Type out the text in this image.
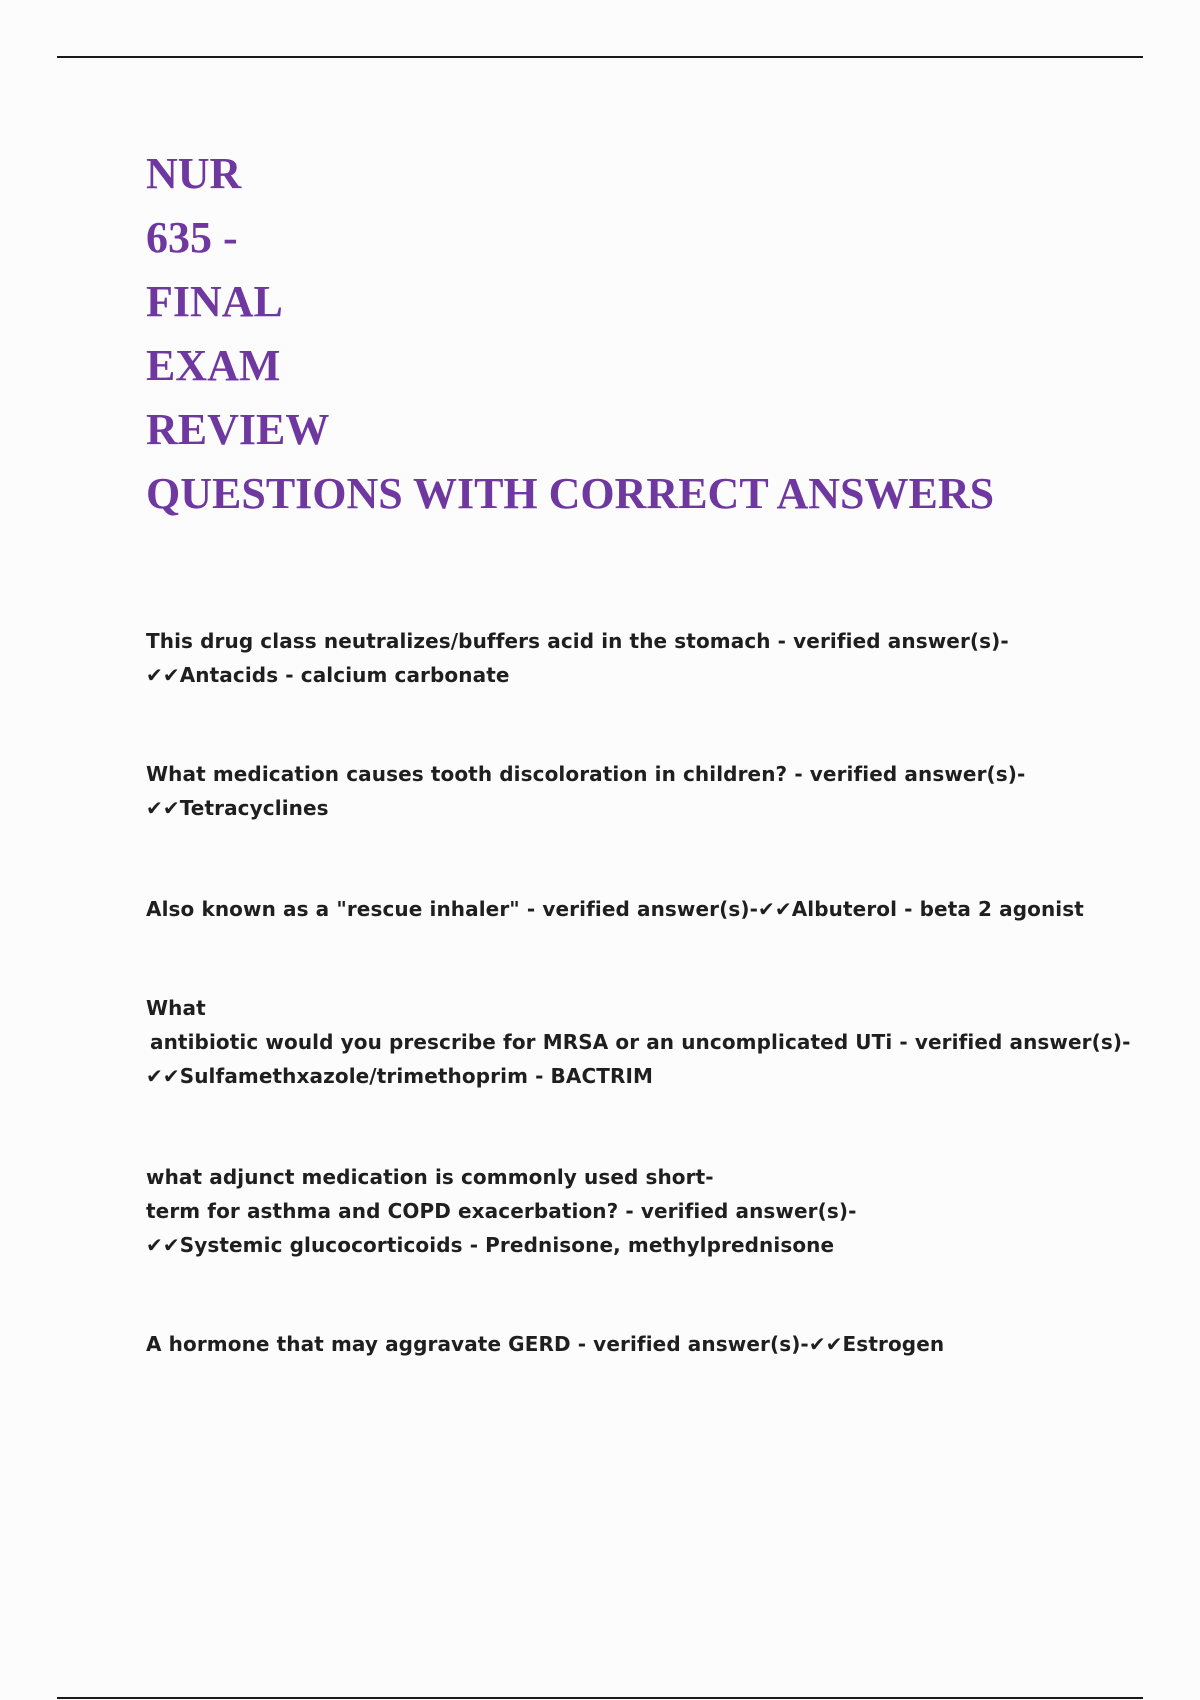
NUR
635 -
FINAL
EXAM
REVIEW
QUESTIONS WITH CORRECT ANSWERS

This drug class neutralizes/buffers acid in the stomach - verified answer(s)-
✔✔Antacids - calcium carbonate

What medication causes tooth discoloration in children? - verified answer(s)-
✔✔Tetracyclines

Also known as a "rescue inhaler" - verified answer(s)-✔✔Albuterol - beta 2 agonist

What
antibiotic would you prescribe for MRSA or an uncomplicated UTi - verified answer(s)-
✔✔Sulfamethxazole/trimethoprim - BACTRIM

what adjunct medication is commonly used short-
term for asthma and COPD exacerbation? - verified answer(s)-
✔✔Systemic glucocorticoids - Prednisone, methylprednisone

A hormone that may aggravate GERD - verified answer(s)-✔✔Estrogen
